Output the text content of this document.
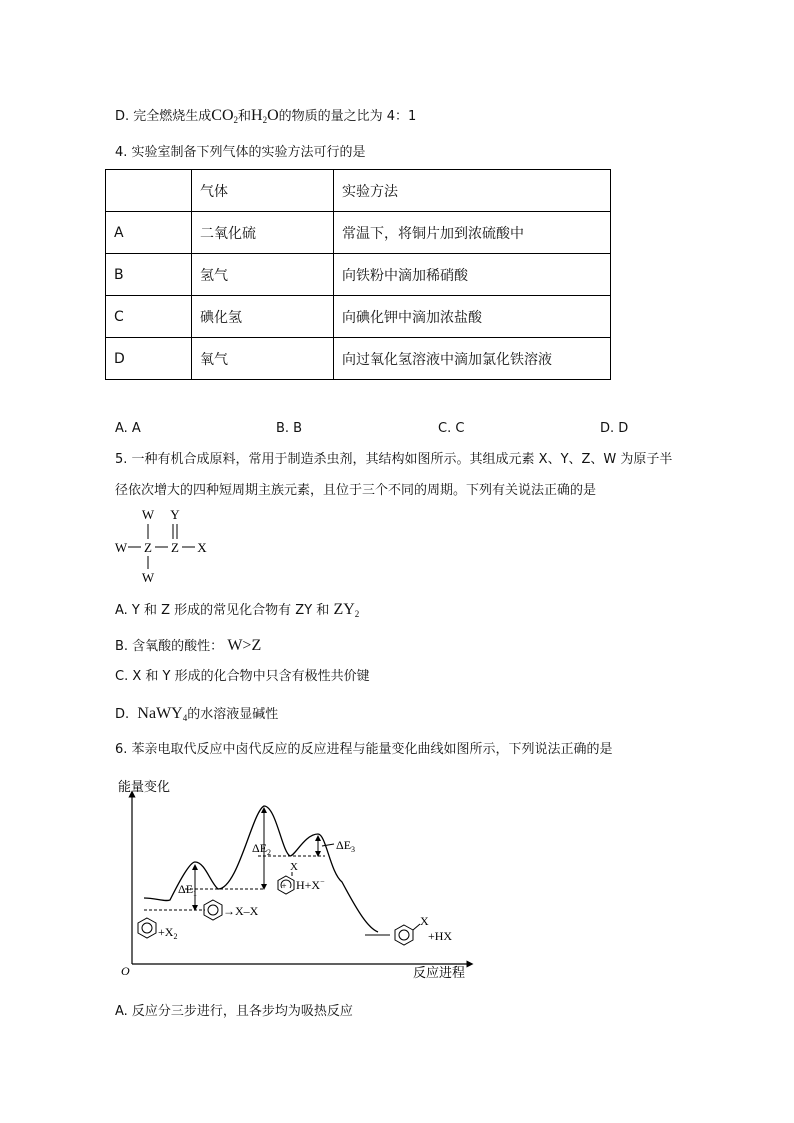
D. 完全燃烧生成$CO_2$和$H_2O$的物质的量之比为 4：1
4. 实验室制备下列气体的实验方法可行的是
	气体	实验方法
A	二氧化硫	常温下，将铜片加到浓硫酸中
B	氢气	向铁粉中滴加稀硝酸
C	碘化氢	向碘化钾中滴加浓盐酸
D	氧气	向过氧化氢溶液中滴加氯化铁溶液
A. A	B. B	C. C	D. D
5. 一种有机合成原料，常用于制造杀虫剂，其结构如图所示。其组成元素 X、Y、Z、W 为原子半
径依次增大的四种短周期主族元素，且位于三个不同的周期。下列有关说法正确的是
W Y
W Z Z X
W
A. Y 和 Z 形成的常见化合物有 ZY 和 $ZY_2$
B. 含氧酸的酸性： W>Z
C. X 和 Y 形成的化合物中只含有极性共价键
D. NaWY$_4$的水溶液显碱性
6. 苯亲电取代反应中卤代反应的反应进程与能量变化曲线如图所示，下列说法正确的是
能量变化
反应进程
O
$\Delta E_1$
$\Delta E_2$
$\Delta E_3$
$+X_2$
→X–X
+
X
H+X−
X
+HX
A. 反应分三步进行，且各步均为吸热反应
